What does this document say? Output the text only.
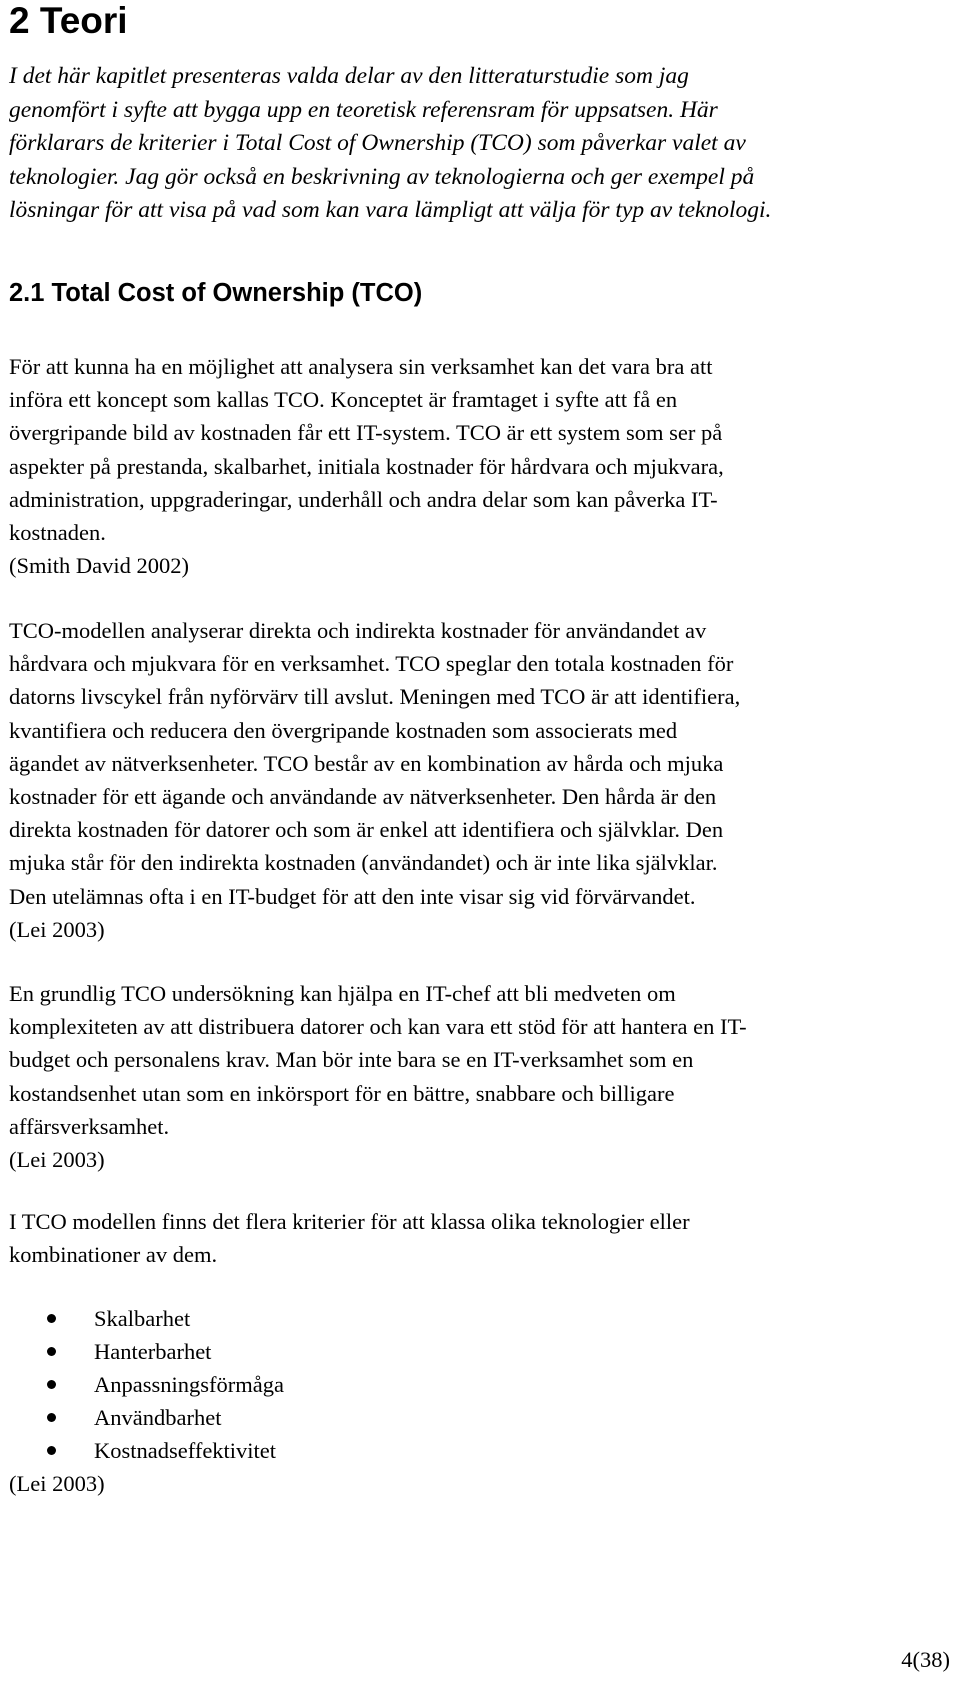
2 Teori

I det här kapitlet presenteras valda delar av den litteraturstudie som jag
genomfört i syfte att bygga upp en teoretisk referensram för uppsatsen. Här
förklarars de kriterier i Total Cost of Ownership (TCO) som påverkar valet av
teknologier. Jag gör också en beskrivning av teknologierna och ger exempel på
lösningar för att visa på vad som kan vara lämpligt att välja för typ av teknologi.

2.1 Total Cost of Ownership (TCO)

För att kunna ha en möjlighet att analysera sin verksamhet kan det vara bra att
införa ett koncept som kallas TCO. Konceptet är framtaget i syfte att få en
övergripande bild av kostnaden får ett IT-system. TCO är ett system som ser på
aspekter på prestanda, skalbarhet, initiala kostnader för hårdvara och mjukvara,
administration, uppgraderingar, underhåll och andra delar som kan påverka IT-
kostnaden.
(Smith David 2002)

TCO-modellen analyserar direkta och indirekta kostnader för användandet av
hårdvara och mjukvara för en verksamhet. TCO speglar den totala kostnaden för
datorns livscykel från nyförvärv till avslut. Meningen med TCO är att identifiera,
kvantifiera och reducera den övergripande kostnaden som associerats med
ägandet av nätverksenheter. TCO består av en kombination av hårda och mjuka
kostnader för ett ägande och användande av nätverksenheter. Den hårda är den
direkta kostnaden för datorer och som är enkel att identifiera och självklar. Den
mjuka står för den indirekta kostnaden (användandet) och är inte lika självklar.
Den utelämnas ofta i en IT-budget för att den inte visar sig vid förvärvandet.
(Lei 2003)

En grundlig TCO undersökning kan hjälpa en IT-chef att bli medveten om
komplexiteten av att distribuera datorer och kan vara ett stöd för att hantera en IT-
budget och personalens krav. Man bör inte bara se en IT-verksamhet som en
kostandsenhet utan som en inkörsport för en bättre, snabbare och billigare
affärsverksamhet.
(Lei 2003)

I TCO modellen finns det flera kriterier för att klassa olika teknologier eller
kombinationer av dem.

Skalbarhet
Hanterbarhet
Anpassningsförmåga
Användbarhet
Kostnadseffektivitet
(Lei 2003)
4(38)
